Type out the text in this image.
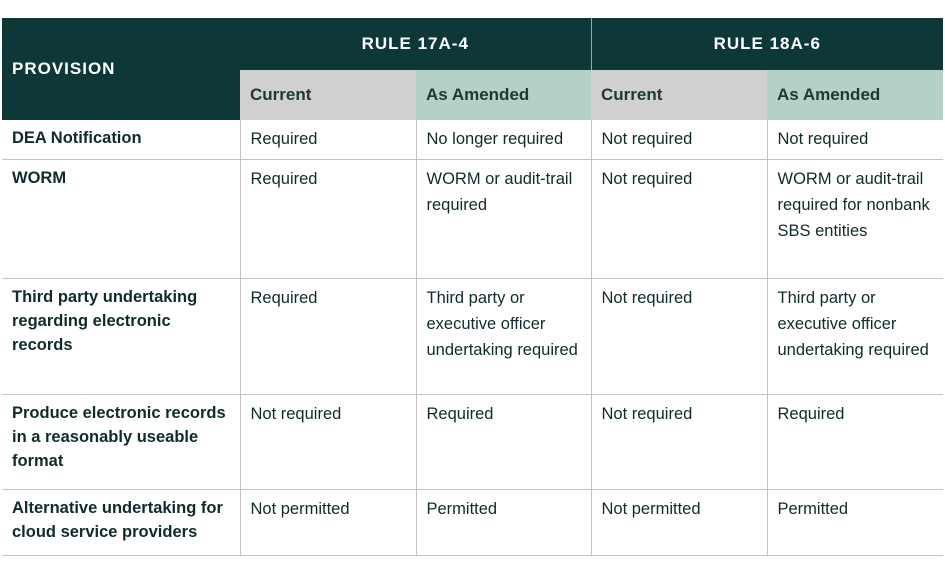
PROVISION	RULE 17A-4		RULE 18A-6	
	Current	As Amended	Current	As Amended
DEA Notification	Required	No longer required	Not required	Not required
WORM	Required	WORM or audit-trail required	Not required	WORM or audit-trail required for nonbank SBS entities
Third party undertaking regarding electronic records	Required	Third party or executive officer undertaking required	Not required	Third party or executive officer undertaking required
Produce electronic records in a reasonably useable format	Not required	Required	Not required	Required
Alternative undertaking for cloud service providers	Not permitted	Permitted	Not permitted	Permitted
